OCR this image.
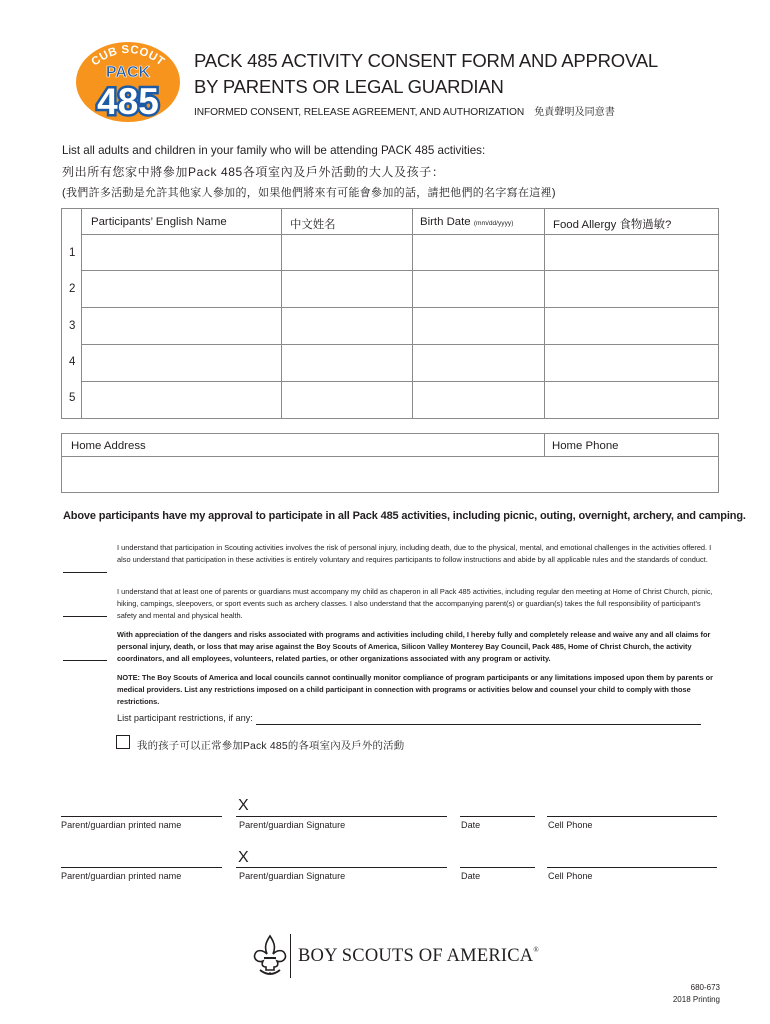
CUB SCOUT
PACK
485
PACK 485 ACTIVITY CONSENT FORM AND APPROVAL
BY PARENTS OR LEGAL GUARDIAN
INFORMED CONSENT, RELEASE AGREEMENT, AND AUTHORIZATION 免責聲明及同意書
List all adults and children in your family who will be attending PACK 485 activities:
列出所有您家中將參加Pack 485各項室內及戶外活動的大人及孩子：
(我們許多活動是允許其他家人參加的，如果他們將來有可能會參加的話，請把他們的名字寫在這裡)
Participants’ English Name	中文姓名	Birth Date (mm/dd/yyyy)	Food Allergy 食物過敏?
1
2
3
4
5
Home Address	Home Phone
Above participants have my approval to participate in all Pack 485 activities, including picnic, outing, overnight, archery, and camping.
I understand that participation in Scouting activities involves the risk of personal injury, including death, due to the physical, mental, and emotional challenges in the activities offered. I also understand that participation in these activities is entirely voluntary and requires participants to follow instructions and abide by all applicable rules and the standards of conduct.
I understand that at least one of parents or guardians must accompany my child as chaperon in all Pack 485 activities, including regular den meeting at Home of Christ Church, picnic, hiking, campings, sleepovers, or sport events such as archery classes. I also understand that the accompanying parent(s) or guardian(s) takes the full responsibility of participant’s safety and mental and physical health.
With appreciation of the dangers and risks associated with programs and activities including child, I hereby fully and completely release and waive any and all claims for personal injury, death, or loss that may arise against the Boy Scouts of America, Silicon Valley Monterey Bay Council, Pack 485, Home of Christ Church, the activity coordinators, and all employees, volunteers, related parties, or other organizations associated with any program or activity.
NOTE: The Boy Scouts of America and local councils cannot continually monitor compliance of program participants or any limitations imposed upon them by parents or medical providers. List any restrictions imposed on a child participant in connection with programs or activities below and counsel your child to comply with those restrictions.
List participant restrictions, if any:
我的孩子可以正常參加Pack 485的各項室內及戶外的活動
X
Parent/guardian printed name	Parent/guardian Signature	Date	Cell Phone
X
Parent/guardian printed name	Parent/guardian Signature	Date	Cell Phone
BOY SCOUTS OF AMERICA®
680-673
2018 Printing
